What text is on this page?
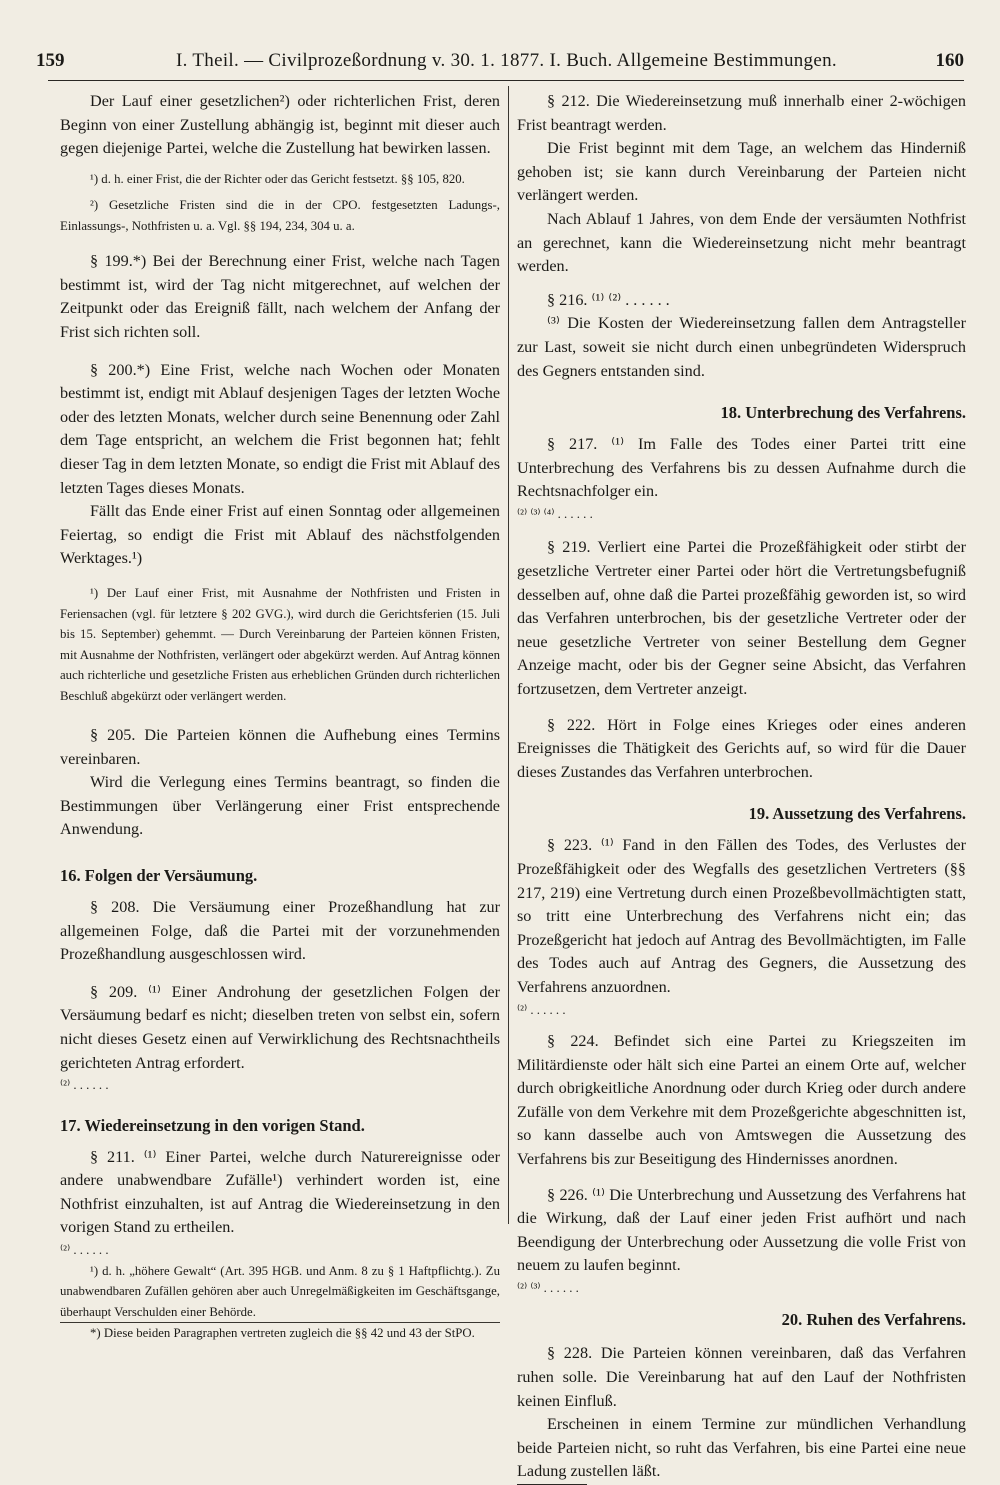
159	I. Theil. — Civilprozeßordnung v. 30. 1. 1877. I. Buch. Allgemeine Bestimmungen.	160

Der Lauf einer gesetzlichen²) oder richterlichen Frist, deren Beginn von einer Zustellung abhängig ist, beginnt mit dieser auch gegen diejenige Partei, welche die Zustellung hat bewirken lassen.

¹) d. h. einer Frist, die der Richter oder das Gericht festsetzt. §§ 105, 820.

²) Gesetzliche Fristen sind die in der CPO. festgesetzten Ladungs-, Einlassungs-, Nothfristen u. a. Vgl. §§ 194, 234, 304 u. a.

§ 199.*) Bei der Berechnung einer Frist, welche nach Tagen bestimmt ist, wird der Tag nicht mitgerechnet, auf welchen der Zeitpunkt oder das Ereigniß fällt, nach welchem der Anfang der Frist sich richten soll.

§ 200.*) Eine Frist, welche nach Wochen oder Monaten bestimmt ist, endigt mit Ablauf desjenigen Tages der letzten Woche oder des letzten Monats, welcher durch seine Benennung oder Zahl dem Tage entspricht, an welchem die Frist begonnen hat; fehlt dieser Tag in dem letzten Monate, so endigt die Frist mit Ablauf des letzten Tages dieses Monats.

Fällt das Ende einer Frist auf einen Sonntag oder allgemeinen Feiertag, so endigt die Frist mit Ablauf des nächstfolgenden Werktages.¹)

¹) Der Lauf einer Frist, mit Ausnahme der Nothfristen und Fristen in Feriensachen (vgl. für letztere § 202 GVG.), wird durch die Gerichtsferien (15. Juli bis 15. September) gehemmt. — Durch Vereinbarung der Parteien können Fristen, mit Ausnahme der Nothfristen, verlängert oder abgekürzt werden. Auf Antrag können auch richterliche und gesetzliche Fristen aus erheblichen Gründen durch richterlichen Beschluß abgekürzt oder verlängert werden.

§ 205. Die Parteien können die Aufhebung eines Termins vereinbaren.

Wird die Verlegung eines Termins beantragt, so finden die Bestimmungen über Verlängerung einer Frist entsprechende Anwendung.

16. Folgen der Versäumung.

§ 208. Die Versäumung einer Prozeßhandlung hat zur allgemeinen Folge, daß die Partei mit der vorzunehmenden Prozeßhandlung ausgeschlossen wird.

§ 209. ⁽¹⁾ Einer Androhung der gesetzlichen Folgen der Versäumung bedarf es nicht; dieselben treten von selbst ein, sofern nicht dieses Gesetz einen auf Verwirklichung des Rechtsnachtheils gerichteten Antrag erfordert.

⁽²⁾ . . . . . .

17. Wiedereinsetzung in den vorigen Stand.

§ 211. ⁽¹⁾ Einer Partei, welche durch Naturereignisse oder andere unabwendbare Zufälle¹) verhindert worden ist, eine Nothfrist einzuhalten, ist auf Antrag die Wiedereinsetzung in den vorigen Stand zu ertheilen.

⁽²⁾ . . . . . .

¹) d. h. „höhere Gewalt“ (Art. 395 HGB. und Anm. 8 zu § 1 Haftpflichtg.). Zu unabwendbaren Zufällen gehören aber auch Unregelmäßigkeiten im Geschäftsgange, überhaupt Verschulden einer Behörde.

*) Diese beiden Paragraphen vertreten zugleich die §§ 42 und 43 der StPO.

§ 212. Die Wiedereinsetzung muß innerhalb einer 2-wöchigen Frist beantragt werden.

Die Frist beginnt mit dem Tage, an welchem das Hinderniß gehoben ist; sie kann durch Vereinbarung der Parteien nicht verlängert werden.

Nach Ablauf 1 Jahres, von dem Ende der versäumten Nothfrist an gerechnet, kann die Wiedereinsetzung nicht mehr beantragt werden.

§ 216. ⁽¹⁾ ⁽²⁾ . . . . . .

⁽³⁾ Die Kosten der Wiedereinsetzung fallen dem Antragsteller zur Last, soweit sie nicht durch einen unbegründeten Widerspruch des Gegners entstanden sind.

18. Unterbrechung des Verfahrens.

§ 217. ⁽¹⁾ Im Falle des Todes einer Partei tritt eine Unterbrechung des Verfahrens bis zu dessen Aufnahme durch die Rechtsnachfolger ein.

⁽²⁾ ⁽³⁾ ⁽⁴⁾ . . . . . .

§ 219. Verliert eine Partei die Prozeßfähigkeit oder stirbt der gesetzliche Vertreter einer Partei oder hört die Vertretungsbefugniß desselben auf, ohne daß die Partei prozeßfähig geworden ist, so wird das Verfahren unterbrochen, bis der gesetzliche Vertreter oder der neue gesetzliche Vertreter von seiner Bestellung dem Gegner Anzeige macht, oder bis der Gegner seine Absicht, das Verfahren fortzusetzen, dem Vertreter anzeigt.

§ 222. Hört in Folge eines Krieges oder eines anderen Ereignisses die Thätigkeit des Gerichts auf, so wird für die Dauer dieses Zustandes das Verfahren unterbrochen.

19. Aussetzung des Verfahrens.

§ 223. ⁽¹⁾ Fand in den Fällen des Todes, des Verlustes der Prozeßfähigkeit oder des Wegfalls des gesetzlichen Vertreters (§§ 217, 219) eine Vertretung durch einen Prozeßbevollmächtigten statt, so tritt eine Unterbrechung des Verfahrens nicht ein; das Prozeßgericht hat jedoch auf Antrag des Bevollmächtigten, im Falle des Todes auch auf Antrag des Gegners, die Aussetzung des Verfahrens anzuordnen.

⁽²⁾ . . . . . .

§ 224. Befindet sich eine Partei zu Kriegszeiten im Militärdienste oder hält sich eine Partei an einem Orte auf, welcher durch obrigkeitliche Anordnung oder durch Krieg oder durch andere Zufälle von dem Verkehre mit dem Prozeßgerichte abgeschnitten ist, so kann dasselbe auch von Amtswegen die Aussetzung des Verfahrens bis zur Beseitigung des Hindernisses anordnen.

§ 226. ⁽¹⁾ Die Unterbrechung und Aussetzung des Verfahrens hat die Wirkung, daß der Lauf einer jeden Frist aufhört und nach Beendigung der Unterbrechung oder Aussetzung die volle Frist von neuem zu laufen beginnt.

⁽²⁾ ⁽³⁾ . . . . . .

20. Ruhen des Verfahrens.

§ 228. Die Parteien können vereinbaren, daß das Verfahren ruhen solle. Die Vereinbarung hat auf den Lauf der Nothfristen keinen Einfluß.

Erscheinen in einem Termine zur mündlichen Verhandlung beide Parteien nicht, so ruht das Verfahren, bis eine Partei eine neue Ladung zustellen läßt.
